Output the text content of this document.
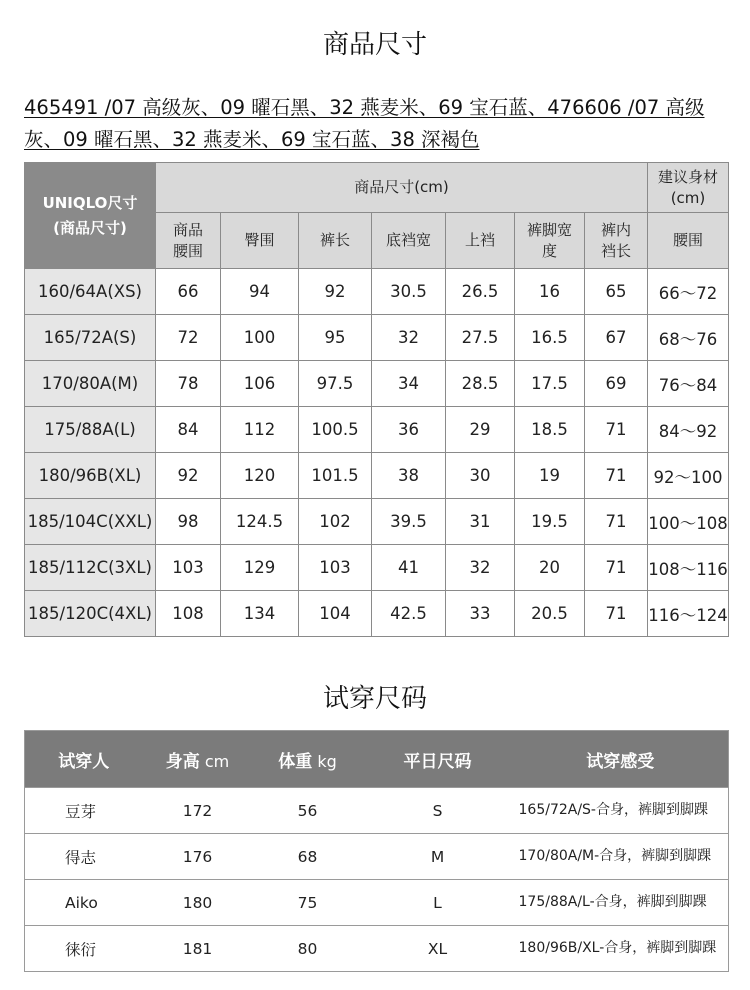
商品尺寸
465491 /07 高级灰、09 曜石黑、32 燕麦米、69 宝石蓝、476606 /07 高级灰、09 曜石黑、32 燕麦米、69 宝石蓝、38 深褐色
UNIQLO尺寸
(商品尺寸)	商品尺寸(cm)							建议身材(cm)
	商品腰围	臀围	裤长	底裆宽	上裆	裤脚宽度	裤内裆长	腰围
160/64A(XS)	66	94	92	30.5	26.5	16	65	66～72
165/72A(S)	72	100	95	32	27.5	16.5	67	68～76
170/80A(M)	78	106	97.5	34	28.5	17.5	69	76～84
175/88A(L)	84	112	100.5	36	29	18.5	71	84～92
180/96B(XL)	92	120	101.5	38	30	19	71	92～100
185/104C(XXL)	98	124.5	102	39.5	31	19.5	71	100～108
185/112C(3XL)	103	129	103	41	32	20	71	108～116
185/120C(4XL)	108	134	104	42.5	33	20.5	71	116～124
试穿尺码
试穿人	身高 cm	体重 kg	平日尺码	试穿感受
豆芽	172	56	S	165/72A/S-合身，裤脚到脚踝
得志	176	68	M	170/80A/M-合身，裤脚到脚踝
Aiko	180	75	L	175/88A/L-合身，裤脚到脚踝
徕衍	181	80	XL	180/96B/XL-合身，裤脚到脚踝
